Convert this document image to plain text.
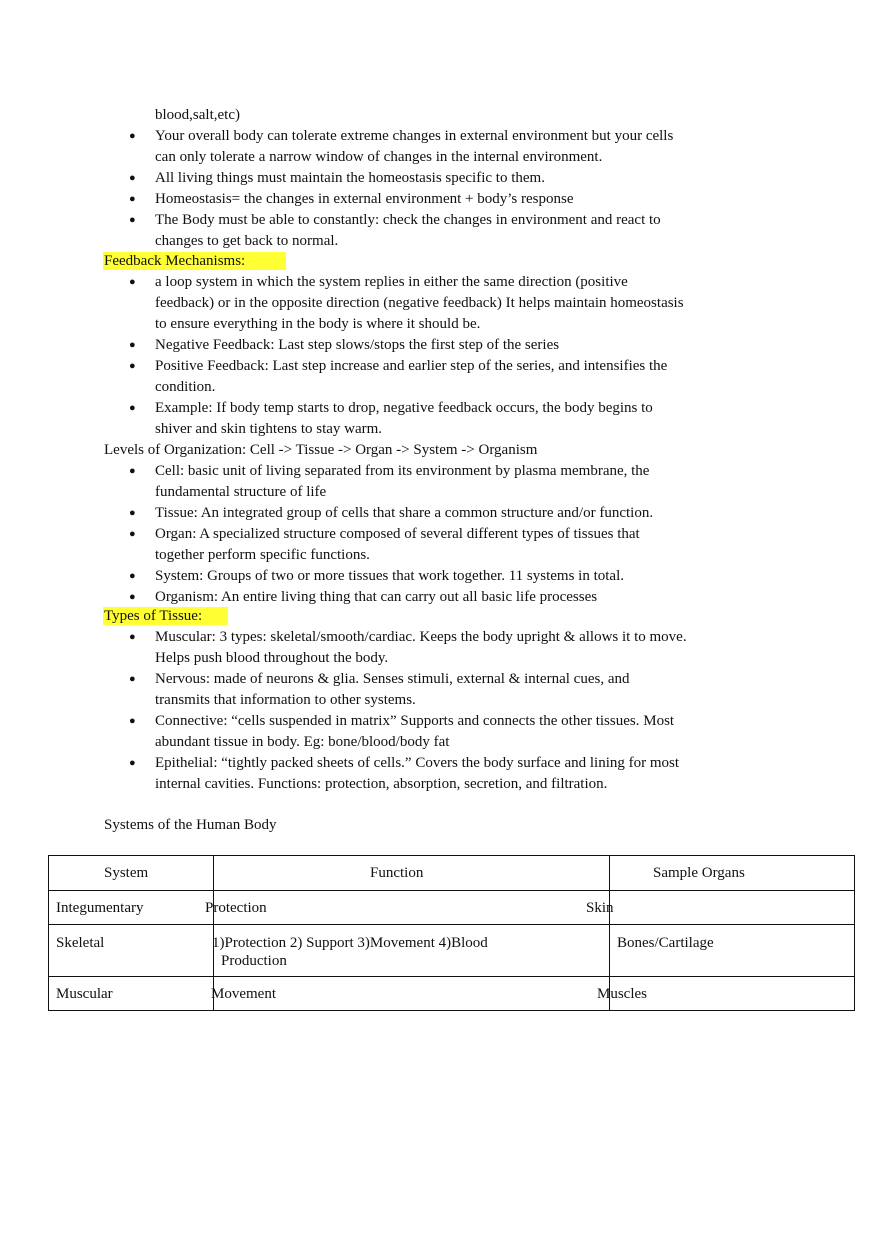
blood,salt,etc)
● Your overall body can tolerate extreme changes in external environment but your cells
can only tolerate a narrow window of changes in the internal environment.
● All living things must maintain the homeostasis specific to them.
● Homeostasis= the changes in external environment + body’s response
● The Body must be able to constantly: check the changes in environment and react to
changes to get back to normal.
Feedback Mechanisms:
● a loop system in which the system replies in either the same direction (positive
feedback) or in the opposite direction (negative feedback) It helps maintain homeostasis
to ensure everything in the body is where it should be.
● Negative Feedback: Last step slows/stops the first step of the series
● Positive Feedback: Last step increase and earlier step of the series, and intensifies the
condition.
● Example: If body temp starts to drop, negative feedback occurs, the body begins to
shiver and skin tightens to stay warm.
Levels of Organization: Cell -> Tissue -> Organ -> System -> Organism
● Cell: basic unit of living separated from its environment by plasma membrane, the
fundamental structure of life
● Tissue: An integrated group of cells that share a common structure and/or function.
● Organ: A specialized structure composed of several different types of tissues that
together perform specific functions.
● System: Groups of two or more tissues that work together. 11 systems in total.
● Organism: An entire living thing that can carry out all basic life processes
Types of Tissue:
● Muscular: 3 types: skeletal/smooth/cardiac. Keeps the body upright & allows it to move.
Helps push blood throughout the body.
● Nervous: made of neurons & glia. Senses stimuli, external & internal cues, and
transmits that information to other systems.
● Connective: “cells suspended in matrix” Supports and connects the other tissues. Most
abundant tissue in body. Eg: bone/blood/body fat
● Epithelial: “tightly packed sheets of cells.” Covers the body surface and lining for most
internal cavities. Functions: protection, absorption, secretion, and filtration.
Systems of the Human Body
System	Function	Sample Organs

Integumentary	Protection	Skin

Skeletal	1)Protection 2) Support 3)Movement 4)Blood
Production	Bones/Cartilage

Muscular	Movement	Muscles
